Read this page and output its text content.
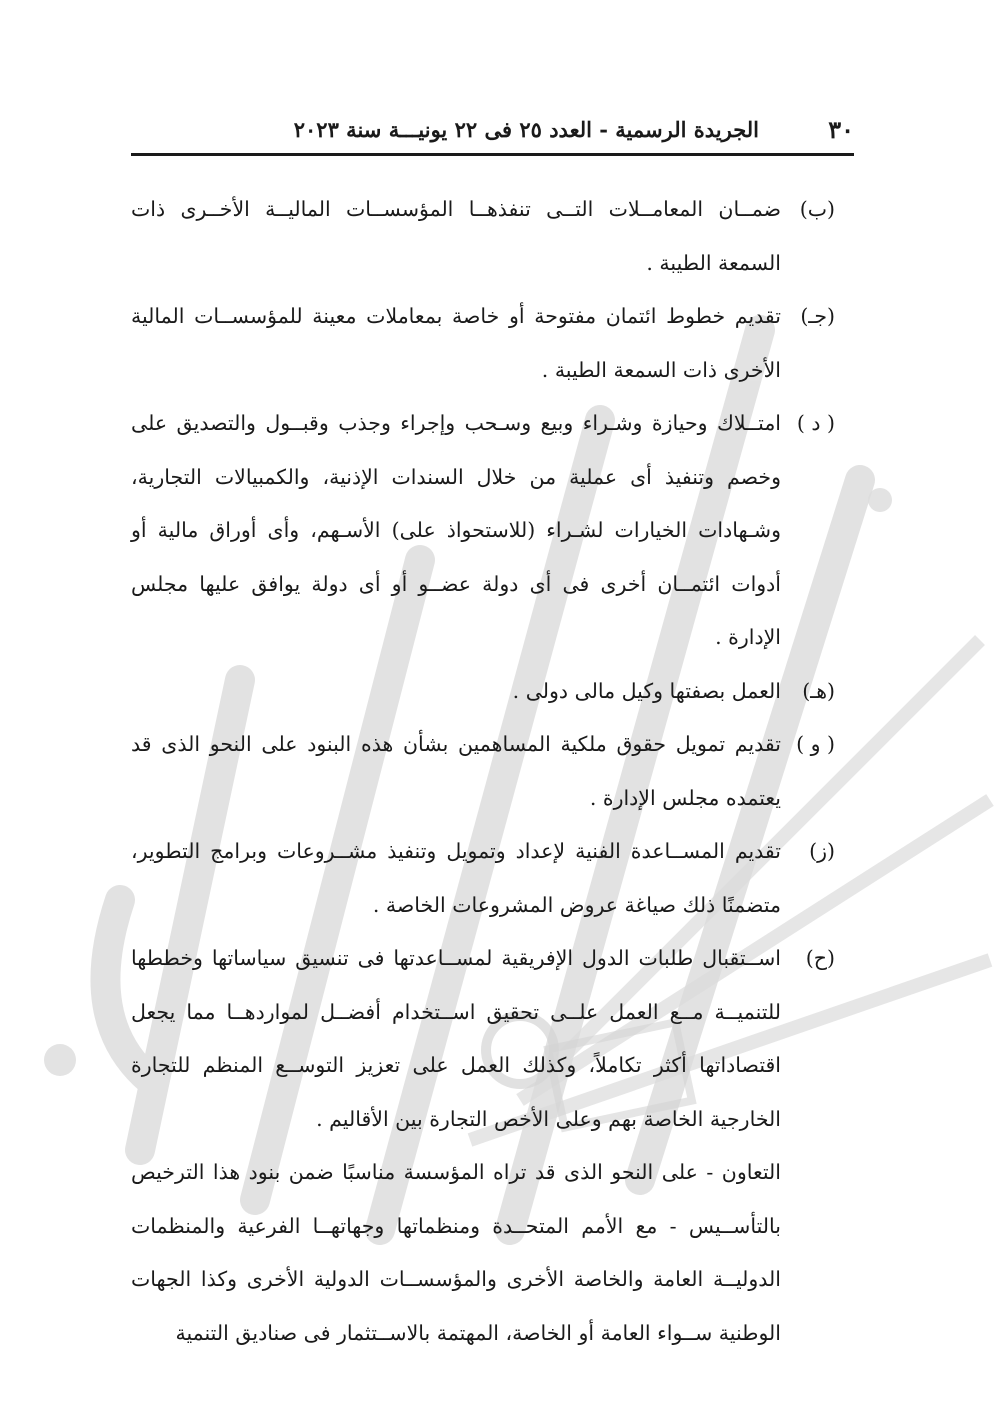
٣٠
الجريدة الرسمية - العدد ٢٥ فى ٢٢ يونيـــة سنة ٢٠٢٣
(ب)
ضمــان المعامــلات التــى تنفذهــا المؤسســات الماليــة الأخــرى ذات السمعة الطيبة .
(جـ)
تقديم خطوط ائتمان مفتوحة أو خاصة بمعاملات معينة للمؤسســات المالية الأخرى ذات السمعة الطيبة .
( د )
امتــلاك وحيازة وشـراء وبيع وسـحب وإجراء وجذب وقبــول والتصديق على وخصم وتنفيذ أى عملية من خلال السندات الإذنية، والكمبيالات التجارية، وشـهادات الخيارات لشـراء (للاستحواذ على) الأسـهم، وأى أوراق مالية أو أدوات ائتمــان أخرى فى أى دولة عضــو أو أى دولة يوافق عليها مجلس الإدارة .
(هـ)
العمل بصفتها وكيل مالى دولى .
( و )
تقديم تمويل حقوق ملكية المساهمين بشأن هذه البنود على النحو الذى قد يعتمده مجلس الإدارة .
(ز)
تقديم المســاعدة الفنية لإعداد وتمويل وتنفيذ مشــروعات وبرامج التطوير، متضمنًا ذلك صياغة عروض المشروعات الخاصة .
(ح)
اســتقبال طلبات الدول الإفريقية لمســاعدتها فى تنسيق سياساتها وخططها للتنميــة مــع العمل علــى تحقيق اســتخدام أفضــل لمواردهــا مما يجعل اقتصاداتها أكثر تكاملاً، وكذلك العمل على تعزيز التوســع المنظم للتجارة الخارجية الخاصة بهم وعلى الأخص التجارة بين الأقاليم .
التعاون - على النحو الذى قد تراه المؤسسة مناسبًا ضمن بنود هذا الترخيص بالتأســيس - مع الأمم المتحــدة ومنظماتها وجهاتهــا الفرعية والمنظمات الدوليــة العامة والخاصة الأخرى والمؤسســات الدولية الأخرى وكذا الجهات الوطنية ســواء العامة أو الخاصة، المهتمة بالاســتثمار فى صناديق التنمية
